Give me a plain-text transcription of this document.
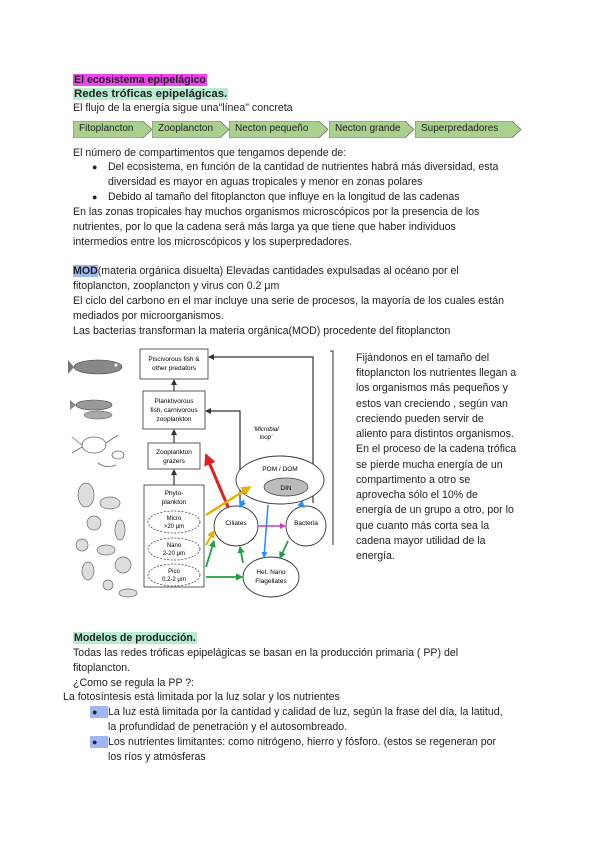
El ecosistema epipelágico
Redes tróficas epipelágicas.
El flujo de la energía sigue una"línea" concreta
Fitoplancton Zooplancton Necton pequeño	Necton grande Superpredadores
El número de compartimentos que tengamos depende de:
● Del ecosistema, en función de la cantidad de nutrientes habrá más diversidad, esta
diversidad es mayor en aguas tropicales y menor en zonas polares
● Debido al tamaño del fitoplancton que influye en la longitud de las cadenas
En las zonas tropicales hay muchos organismos microscópicos por la presencia de los
nutrientes, por lo que la cadena será más larga ya que tiene que haber individuos
intermedios entre los microscópicos y los superpredadores.
MOD(materia orgánica disuelta) Elevadas cantidades expulsadas al océano por el
fitoplancton, zooplancton y virus con 0.2 μm
El ciclo del carbono en el mar incluye una serie de procesos, la mayoría de los cuales están
mediados por microorganismos.
Las bacterias transforman la materia orgánica(MOD) procedente del fitoplancton
Piscivorous fish &
other predators
Planktivorous
fish, carnivorous
zooplankton
Zooplankton
grazers
Phyto-
plankton
Micro
>20 μm
Nano
2-20 μm
Pico
0.2-2 μm
'Microbial
loop'
POM / DOM
DIN
Ciliates	Bacteria
Het. Nano
Flagellates
Fijándonos en el tamaño del
fitoplancton los nutrientes llegan a
los organismos más pequeños y
estos van creciendo , según van
creciendo pueden servir de
aliento para distintos organismos.
En el proceso de la cadena trófica
se pierde mucha energía de un
compartimento a otro se
aprovecha sólo el 10% de
energía de un grupo a otro, por lo
que cuanto más corta sea la
cadena mayor utilidad de la
energía.
Modelos de producción.
Todas las redes tróficas epipelágicas se basan en la producción primaria ( PP) del
fitoplancton.
¿Como se regula la PP ?:
La fotosíntesis está limitada por la luz solar y los nutrientes
● La luz está limitada por la cantidad y calidad de luz, según la frase del día, la latitud,
la profundidad de penetración y el autosombreado.
● Los nutrientes limitantes: como nitrógeno, hierro y fósforo. (estos se regeneran por
los ríos y atmósferas
